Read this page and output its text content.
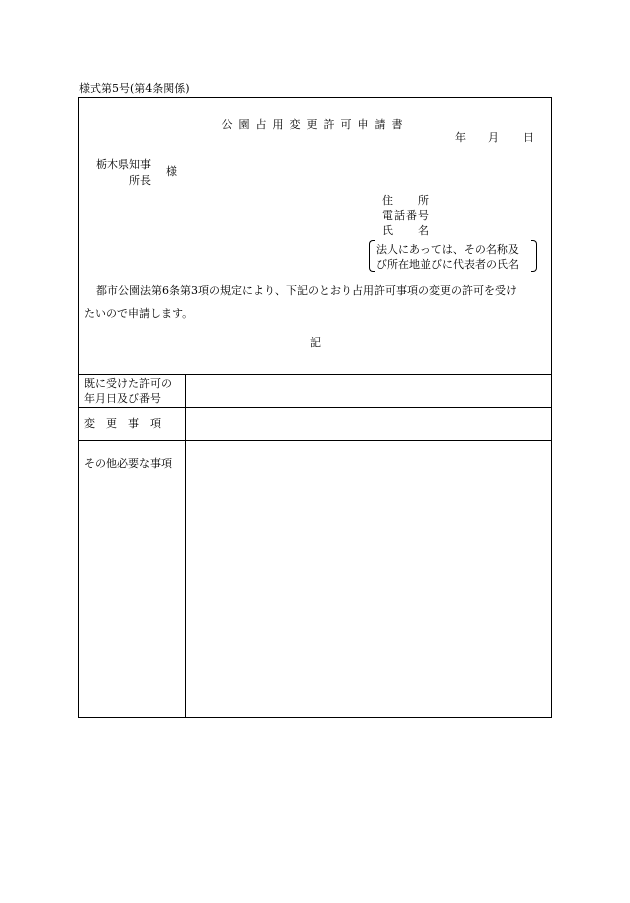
様式第5号(第4条関係)
公園占用変更許可申請書
年 月 日
栃木県知事
所長
様
住　　所
電話番号
氏　　名
法人にあっては、その名称及
び所在地並びに代表者の氏名
都市公園法第6条第3項の規定により、下記のとおり占用許可事項の変更の許可を受け
たいので申請します。
記
既に受けた許可の
年月日及び番号
変　更　事　項
その他必要な事項
